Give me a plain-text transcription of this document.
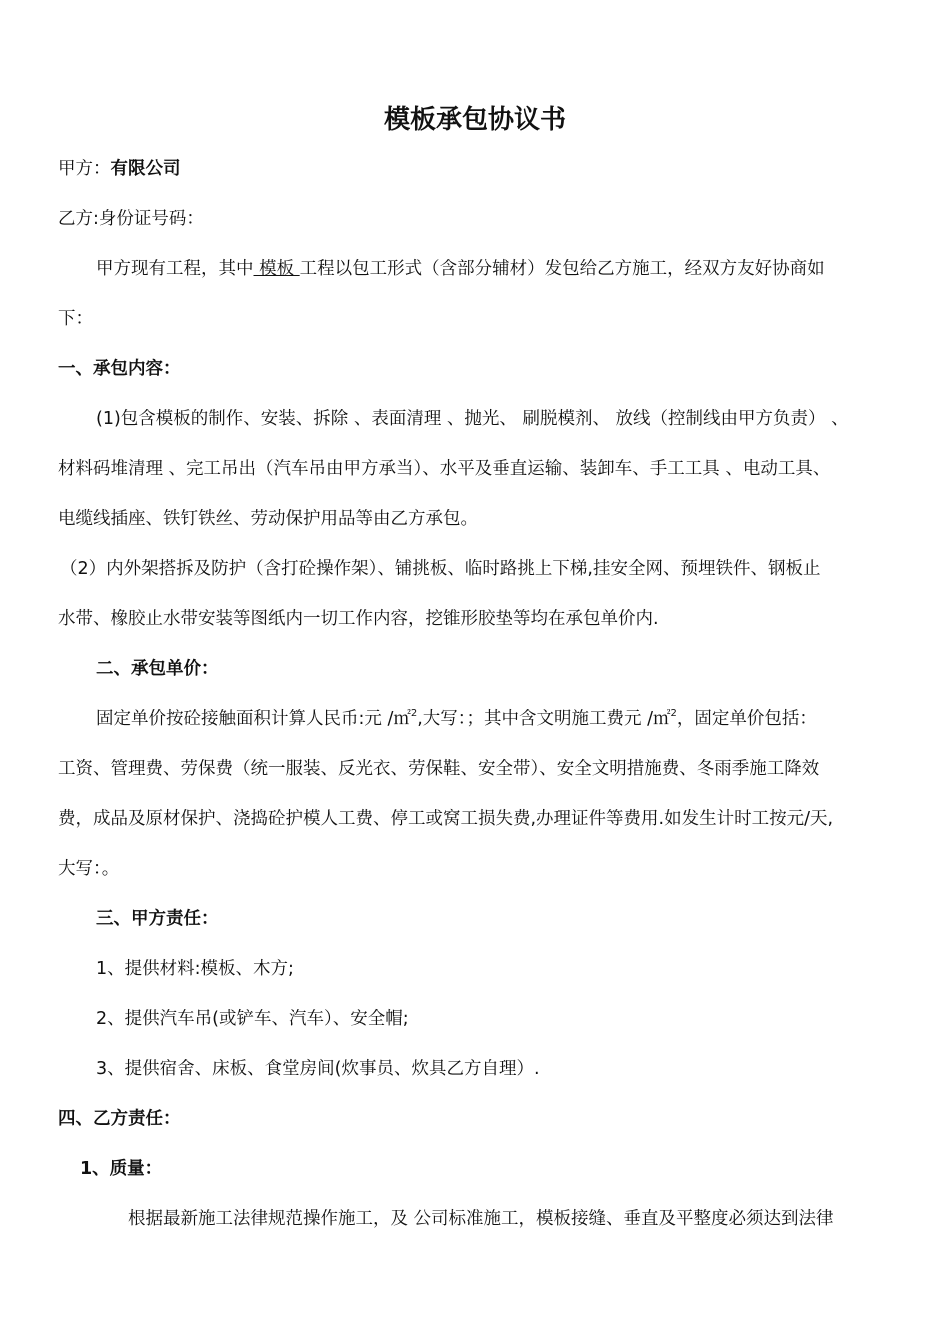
模板承包协议书
甲方：有限公司
乙方:身份证号码：
甲方现有工程，其中 模板 工程以包工形式（含部分辅材）发包给乙方施工，经双方友好协商如
下：
一、承包内容：
(1)包含模板的制作、安装、拆除 、表面清理 、抛光、 刷脱模剂、 放线（控制线由甲方负责） 、
材料码堆清理 、完工吊出（汽车吊由甲方承当）、水平及垂直运输、装卸车、手工工具 、电动工具、
电缆线插座、铁钉铁丝、劳动保护用品等由乙方承包。
（2）内外架搭拆及防护（含打砼操作架）、铺挑板、临时路挑上下梯,挂安全网、预埋铁件、钢板止
水带、橡胶止水带安装等图纸内一切工作内容，挖锥形胶垫等均在承包单价内.
二、承包单价：
固定单价按砼接触面积计算人民币:元 /㎡$^2$,大写：；其中含文明施工费元 /㎡$^2$，固定单价包括：
工资、管理费、劳保费（统一服装、反光衣、劳保鞋、安全带）、安全文明措施费、冬雨季施工降效
费，成品及原材保护、浇捣砼护模人工费、停工或窝工损失费,办理证件等费用.如发生计时工按元/天,
大写：。
三、甲方责任：
1、提供材料:模板、木方;
2、提供汽车吊(或铲车、汽车）、安全帽;
3、提供宿舍、床板、食堂房间(炊事员、炊具乙方自理）.
四、乙方责任：
1、质量：
根据最新施工法律规范操作施工，及 公司标准施工，模板接缝、垂直及平整度必须达到法律
